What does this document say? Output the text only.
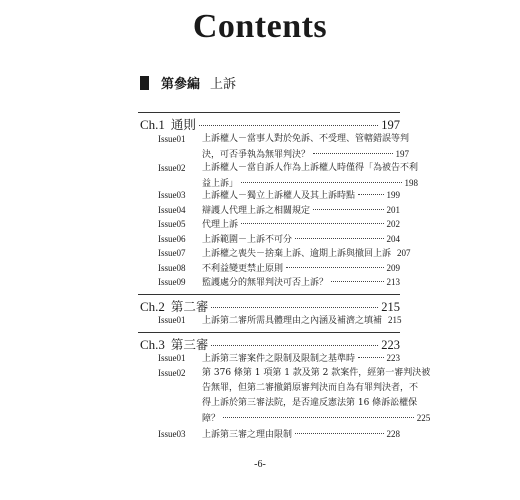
Contents
第參編 上訴
Ch.1 通則	197
Issue01	上訴權人－當事人對於免訴、不受理、管轄錯誤等判
決，可否爭執為無罪判決？	197
Issue02	上訴權人－當自訴人作為上訴權人時僅得「為被告不利
益上訴」	198
Issue03	上訴權人－獨立上訴權人及其上訴時點	199
Issue04	辯護人代理上訴之相關規定	201
Issue05	代理上訴	202
Issue06	上訴範圍－上訴不可分	204
Issue07	上訴權之喪失－捨棄上訴、逾期上訴與撤回上訴 207
Issue08	不利益變更禁止原則	209
Issue09	監護處分的無罪判決可否上訴？	213
Ch.2 第二審	215
Issue01	上訴第二審所需具體理由之內涵及補濟之填補 215
Ch.3 第三審	223
Issue01	上訴第三審案件之限制及限制之基準時	223
Issue02	第 376 條第 1 項第 1 款及第 2 款案件，經第一審判決被
告無罪，但第二審撤銷原審判決而自為有罪判決者，不
得上訴於第三審法院，是否違反憲法第 16 條訴訟權保
障？	225
Issue03	上訴第三審之理由限制	228
-6-
